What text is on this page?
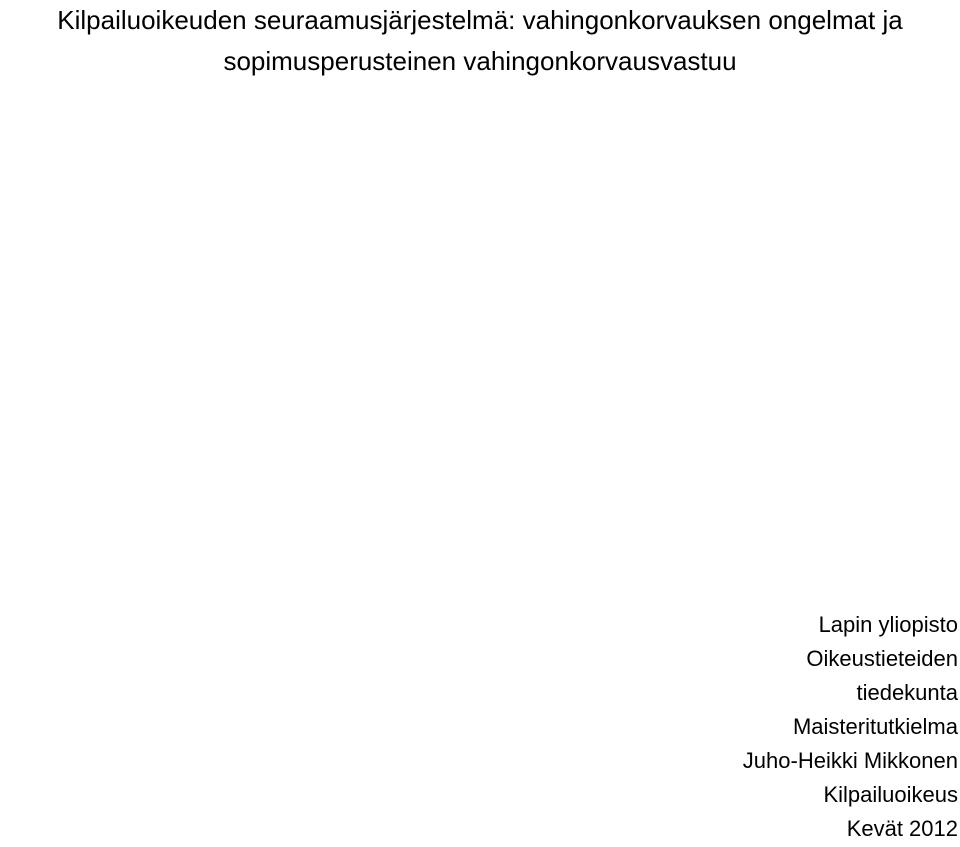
Kilpailuoikeuden seuraamusjärjestelmä: vahingonkorvauksen ongelmat ja
sopimusperusteinen vahingonkorvausvastuu
Lapin yliopisto
Oikeustieteiden
tiedekunta
Maisteritutkielma
Juho-Heikki Mikkonen
Kilpailuoikeus
Kevät 2012
